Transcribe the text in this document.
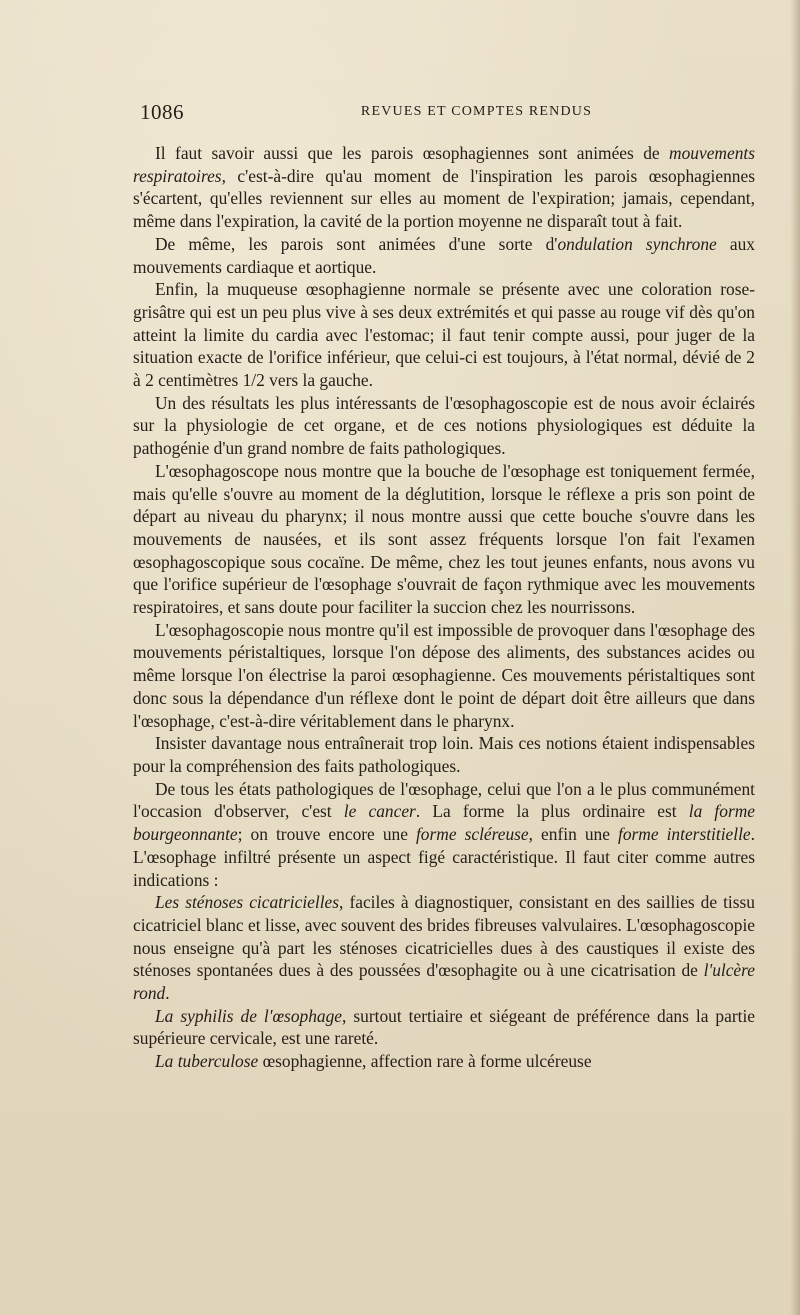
1086	REVUES ET COMPTES RENDUS

Il faut savoir aussi que les parois œsophagiennes sont animées de mouvements respiratoires, c'est-à-dire qu'au moment de l'inspiration les parois œsophagiennes s'écartent, qu'elles reviennent sur elles au moment de l'expiration; jamais, cependant, même dans l'expiration, la cavité de la portion moyenne ne disparaît tout à fait.

De même, les parois sont animées d'une sorte d'ondulation synchrone aux mouvements cardiaque et aortique.

Enfin, la muqueuse œsophagienne normale se présente avec une coloration rose-grisâtre qui est un peu plus vive à ses deux extrémités et qui passe au rouge vif dès qu'on atteint la limite du cardia avec l'estomac; il faut tenir compte aussi, pour juger de la situation exacte de l'orifice inférieur, que celui-ci est toujours, à l'état normal, dévié de 2 à 2 centimètres 1/2 vers la gauche.

Un des résultats les plus intéressants de l'œsophagoscopie est de nous avoir éclairés sur la physiologie de cet organe, et de ces notions physiologiques est déduite la pathogénie d'un grand nombre de faits pathologiques.

L'œsophagoscope nous montre que la bouche de l'œsophage est toniquement fermée, mais qu'elle s'ouvre au moment de la déglutition, lorsque le réflexe a pris son point de départ au niveau du pharynx; il nous montre aussi que cette bouche s'ouvre dans les mouvements de nausées, et ils sont assez fréquents lorsque l'on fait l'examen œsophagoscopique sous cocaïne. De même, chez les tout jeunes enfants, nous avons vu que l'orifice supérieur de l'œsophage s'ouvrait de façon rythmique avec les mouvements respiratoires, et sans doute pour faciliter la succion chez les nourrissons.

L'œsophagoscopie nous montre qu'il est impossible de provoquer dans l'œsophage des mouvements péristaltiques, lorsque l'on dépose des aliments, des substances acides ou même lorsque l'on électrise la paroi œsophagienne. Ces mouvements péristaltiques sont donc sous la dépendance d'un réflexe dont le point de départ doit être ailleurs que dans l'œsophage, c'est-à-dire véritablement dans le pharynx.

Insister davantage nous entraînerait trop loin. Mais ces notions étaient indispensables pour la compréhension des faits pathologiques.

De tous les états pathologiques de l'œsophage, celui que l'on a le plus communément l'occasion d'observer, c'est le cancer. La forme la plus ordinaire est la forme bourgeonnante; on trouve encore une forme scléreuse, enfin une forme interstitielle. L'œsophage infiltré présente un aspect figé caractéristique. Il faut citer comme autres indications :

Les sténoses cicatricielles, faciles à diagnostiquer, consistant en des saillies de tissu cicatriciel blanc et lisse, avec souvent des brides fibreuses valvulaires. L'œsophagoscopie nous enseigne qu'à part les sténoses cicatricielles dues à des caustiques il existe des sténoses spontanées dues à des poussées d'œsophagite ou à une cicatrisation de l'ulcère rond.

La syphilis de l'œsophage, surtout tertiaire et siégeant de préférence dans la partie supérieure cervicale, est une rareté.

La tuberculose œsophagienne, affection rare à forme ulcéreuse
